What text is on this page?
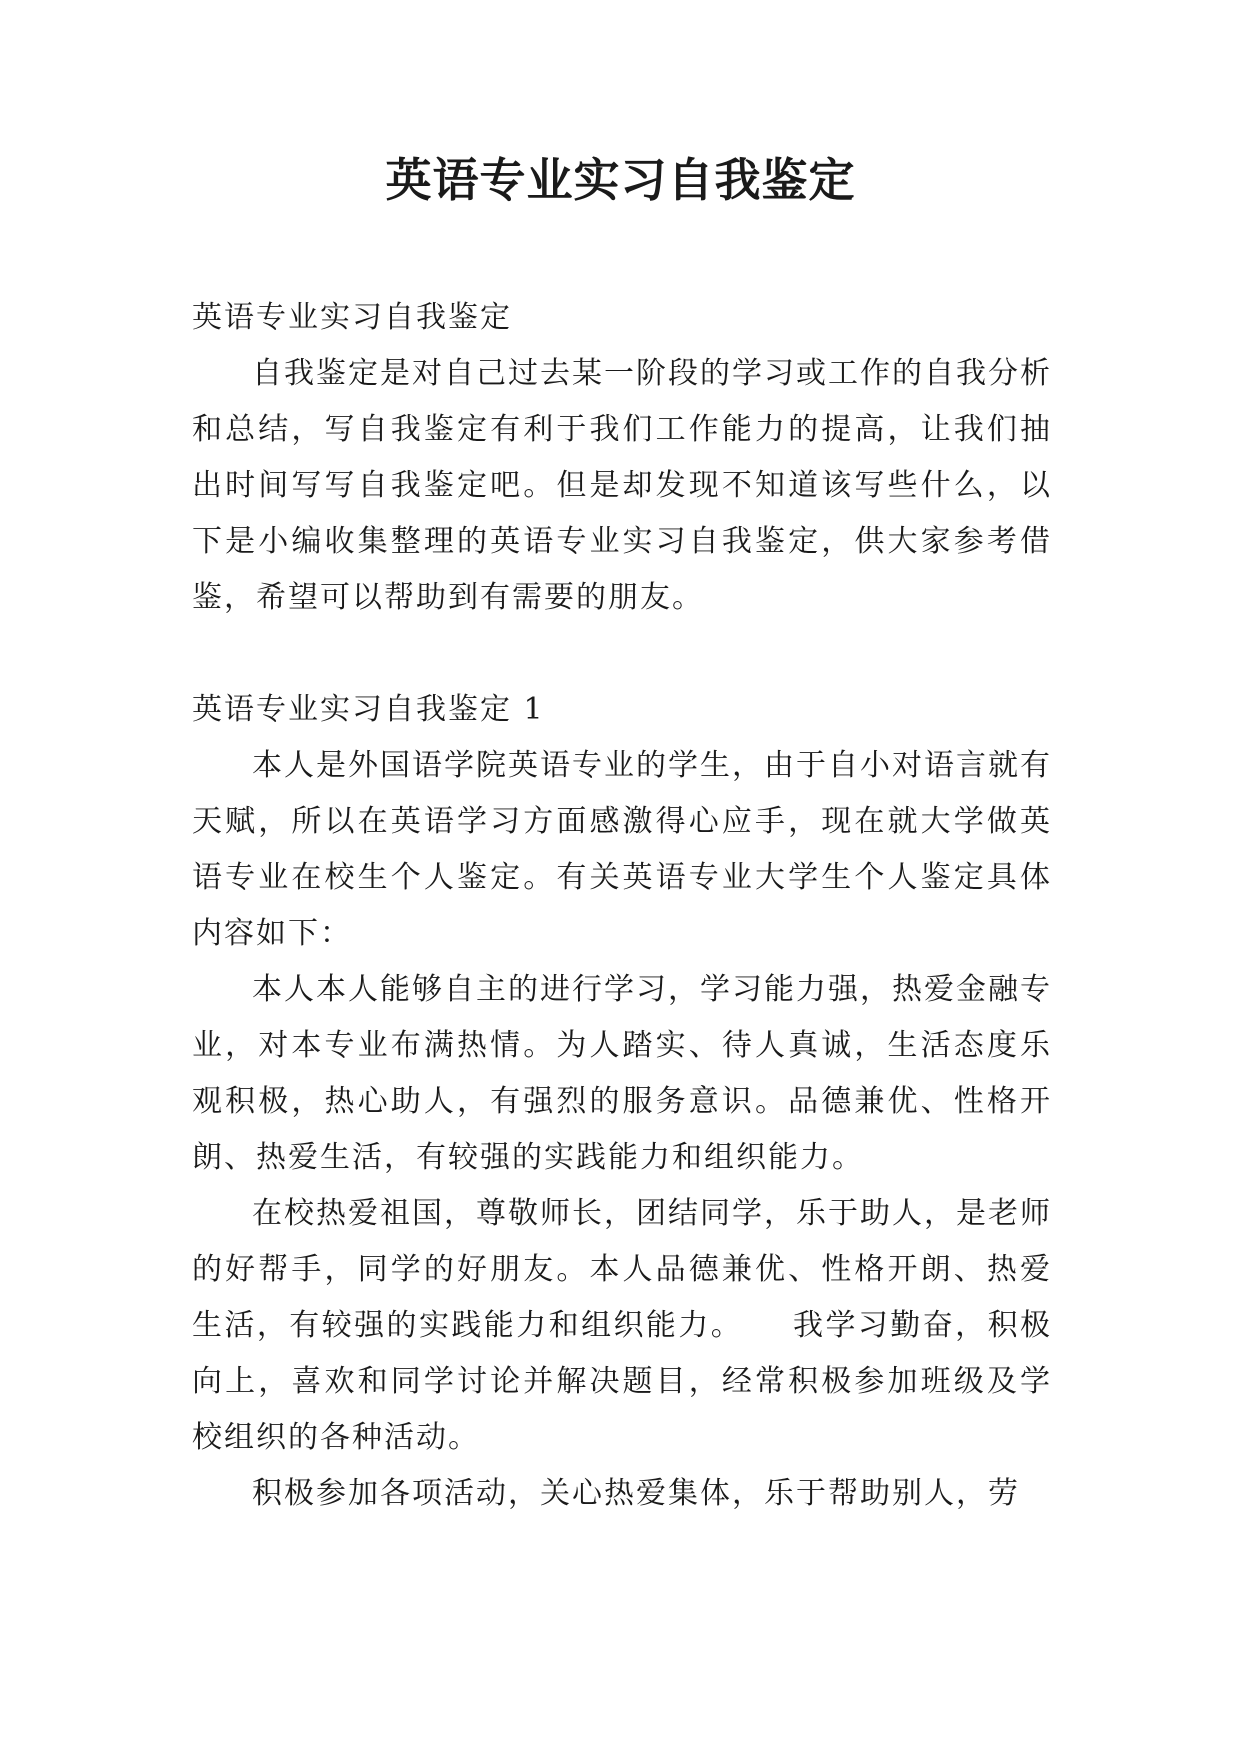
英语专业实习自我鉴定

英语专业实习自我鉴定

自我鉴定是对自己过去某一阶段的学习或工作的自我分析和总结，写自我鉴定有利于我们工作能力的提高，让我们抽出时间写写自我鉴定吧。但是却发现不知道该写些什么，以下是小编收集整理的英语专业实习自我鉴定，供大家参考借鉴，希望可以帮助到有需要的朋友。

英语专业实习自我鉴定 1

本人是外国语学院英语专业的学生，由于自小对语言就有天赋，所以在英语学习方面感激得心应手，现在就大学做英语专业在校生个人鉴定。有关英语专业大学生个人鉴定具体内容如下：

本人本人能够自主的进行学习，学习能力强，热爱金融专业，对本专业布满热情。为人踏实、待人真诚，生活态度乐观积极，热心助人，有强烈的服务意识。品德兼优、性格开朗、热爱生活，有较强的实践能力和组织能力。

在校热爱祖国，尊敬师长，团结同学，乐于助人，是老师的好帮手，同学的好朋友。本人品德兼优、性格开朗、热爱生活，有较强的实践能力和组织能力。　　我学习勤奋，积极向上，喜欢和同学讨论并解决题目，经常积极参加班级及学校组织的各种活动。

积极参加各项活动，关心热爱集体，乐于帮助别人，劳
